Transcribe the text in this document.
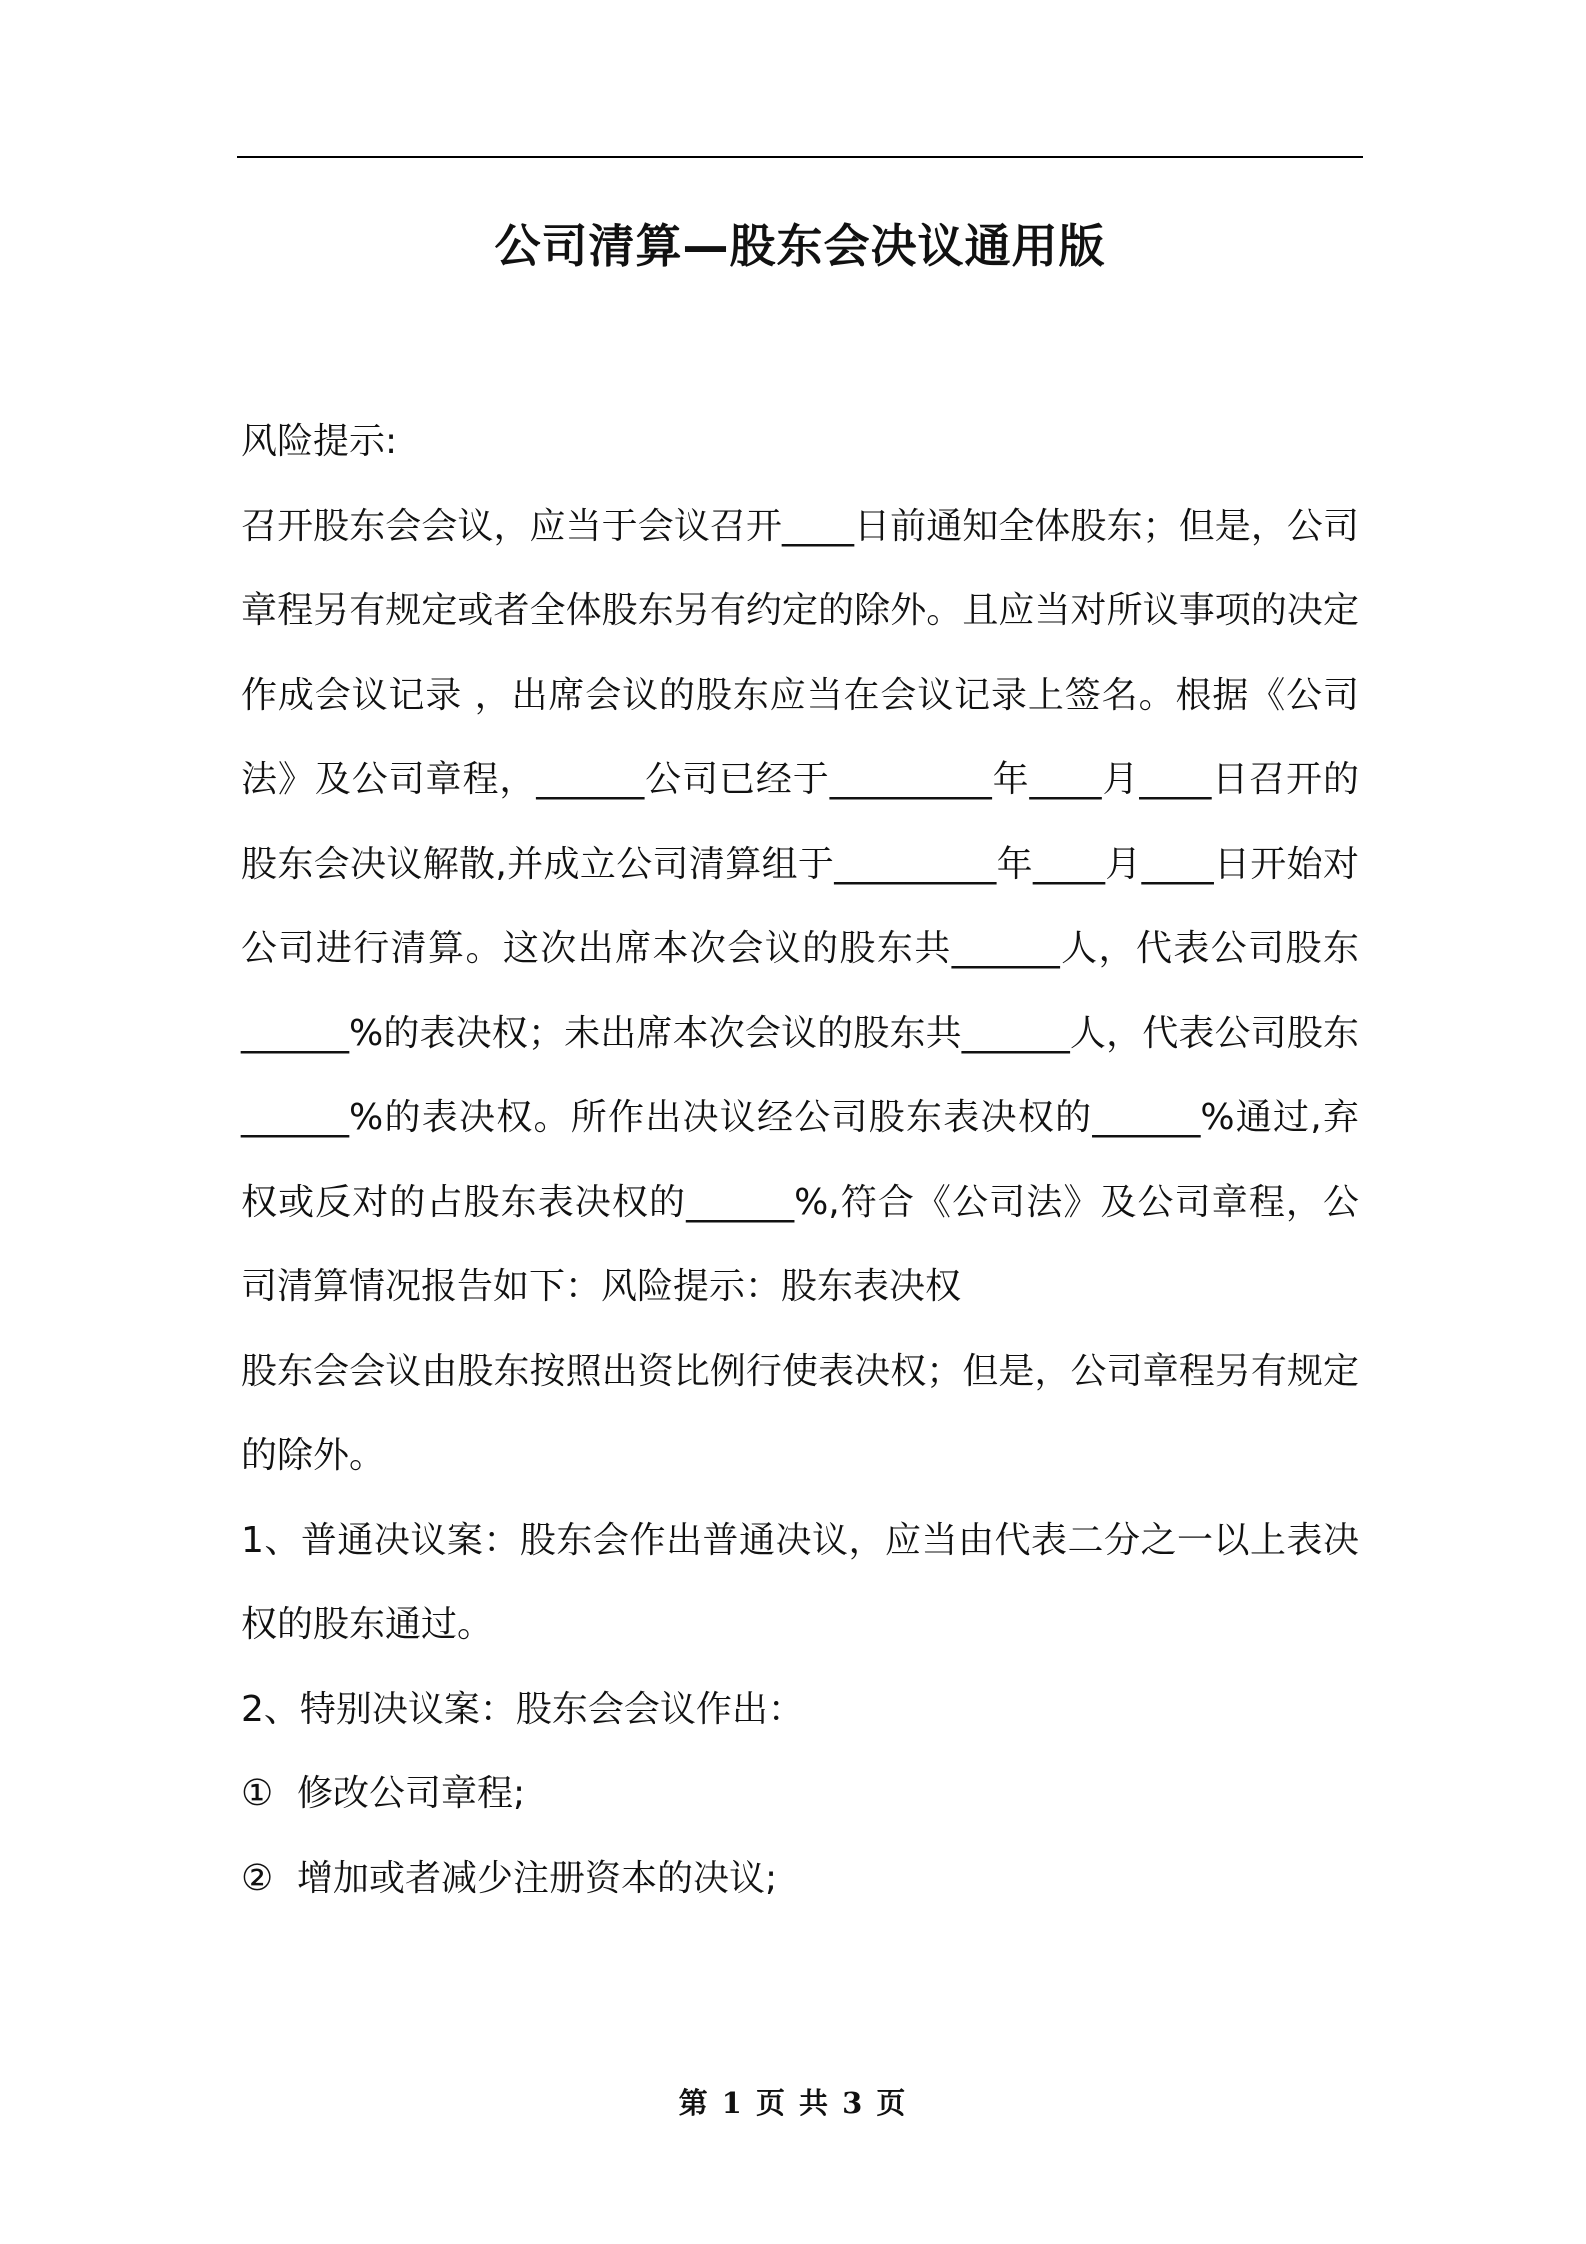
公司清算—股东会决议通用版

风险提示:

召开股东会会议，应当于会议召开____日前通知全体股东；但是，公司章程另有规定或者全体股东另有约定的除外。且应当对所议事项的决定作成会议记录 ，出席会议的股东应当在会议记录上签名。根据《公司法》及公司章程，______公司已经于_________年____月____日召开的股东会决议解散,并成立公司清算组于_________年____月____日开始对公司进行清算。这次出席本次会议的股东共______人，代表公司股东______%的表决权；未出席本次会议的股东共______人，代表公司股东______%的表决权。所作出决议经公司股东表决权的______%通过,弃权或反对的占股东表决权的______%,符合《公司法》及公司章程，公司清算情况报告如下：风险提示：股东表决权

股东会会议由股东按照出资比例行使表决权；但是，公司章程另有规定的除外。

1、普通决议案：股东会作出普通决议，应当由代表二分之一以上表决权的股东通过。

2、特别决议案：股东会会议作出：

① 修改公司章程;

② 增加或者减少注册资本的决议;

第 1 页 共 3 页
